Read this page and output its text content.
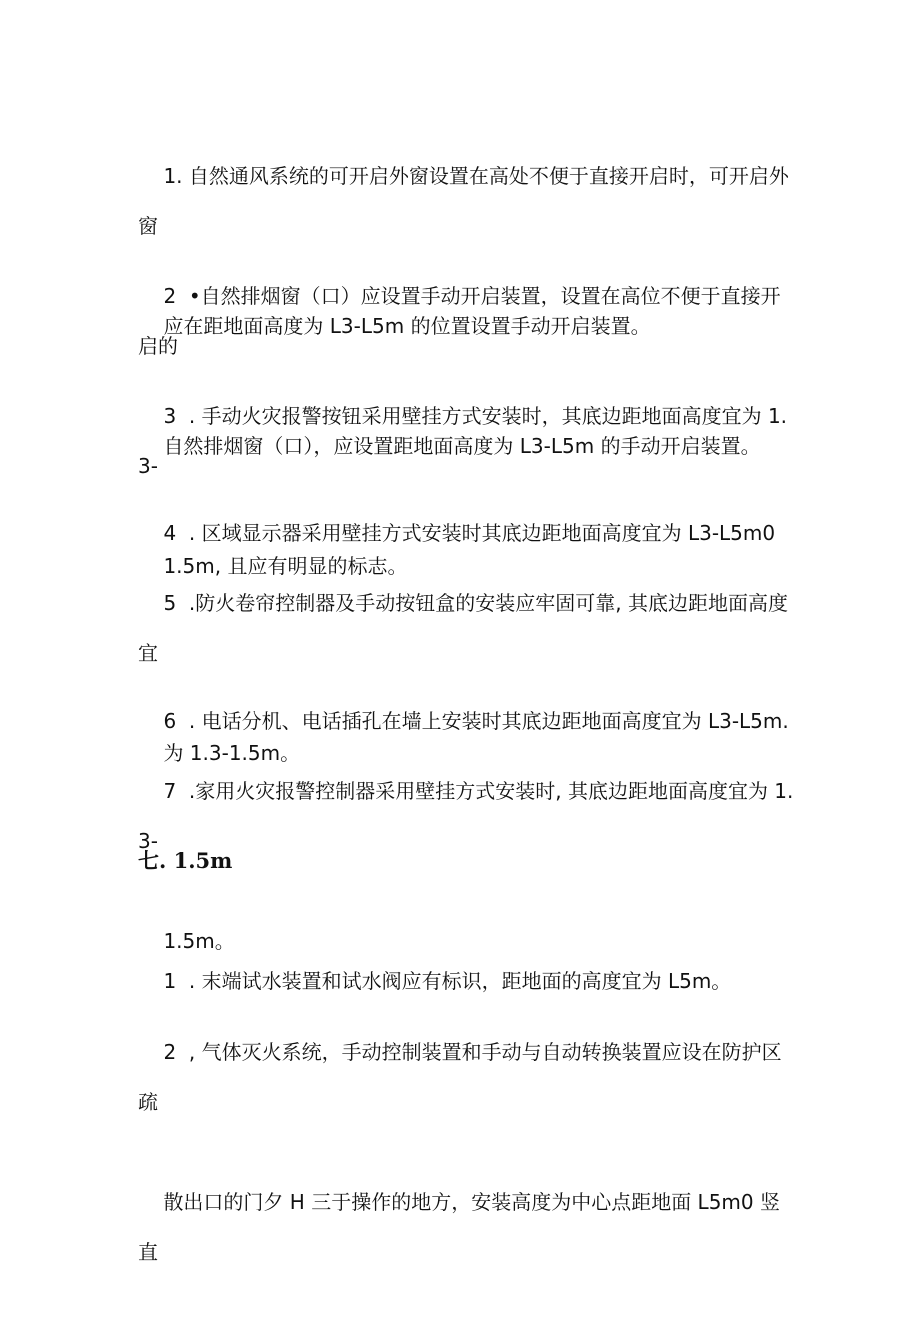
1. 自然通风系统的可开启外窗设置在高处不便于直接开启时，可开启外窗

应在距地面高度为 L3-L5m 的位置设置手动开启装置。

2  •自然排烟窗（口）应设置手动开启装置，设置在高位不便于直接开启的

自然排烟窗（口），应设置距地面高度为 L3-L5m 的手动开启装置。

3  . 手动火灾报警按钮采用壁挂方式安装时，其底边距地面高度宜为 1.3-

1.5m, 且应有明显的标志。

4  . 区域显示器采用壁挂方式安装时其底边距地面高度宜为 L3-L5m0

5  .防火卷帘控制器及手动按钮盒的安装应牢固可靠, 其底边距地面高度宜

为 1.3-1.5m。

6  . 电话分机、电话插孔在墙上安装时其底边距地面高度宜为 L3-L5m.

7  .家用火灾报警控制器采用壁挂方式安装时, 其底边距地面高度宜为 1.3-

1.5m。

七. 1.5m

1  . 末端试水装置和试水阀应有标识，距地面的高度宜为 L5m。

2  , 气体灭火系统，手动控制装置和手动与自动转换装置应设在防护区疏

散出口的门夕 H 三于操作的地方，安装高度为中心点距地面 L5m0 竖直
